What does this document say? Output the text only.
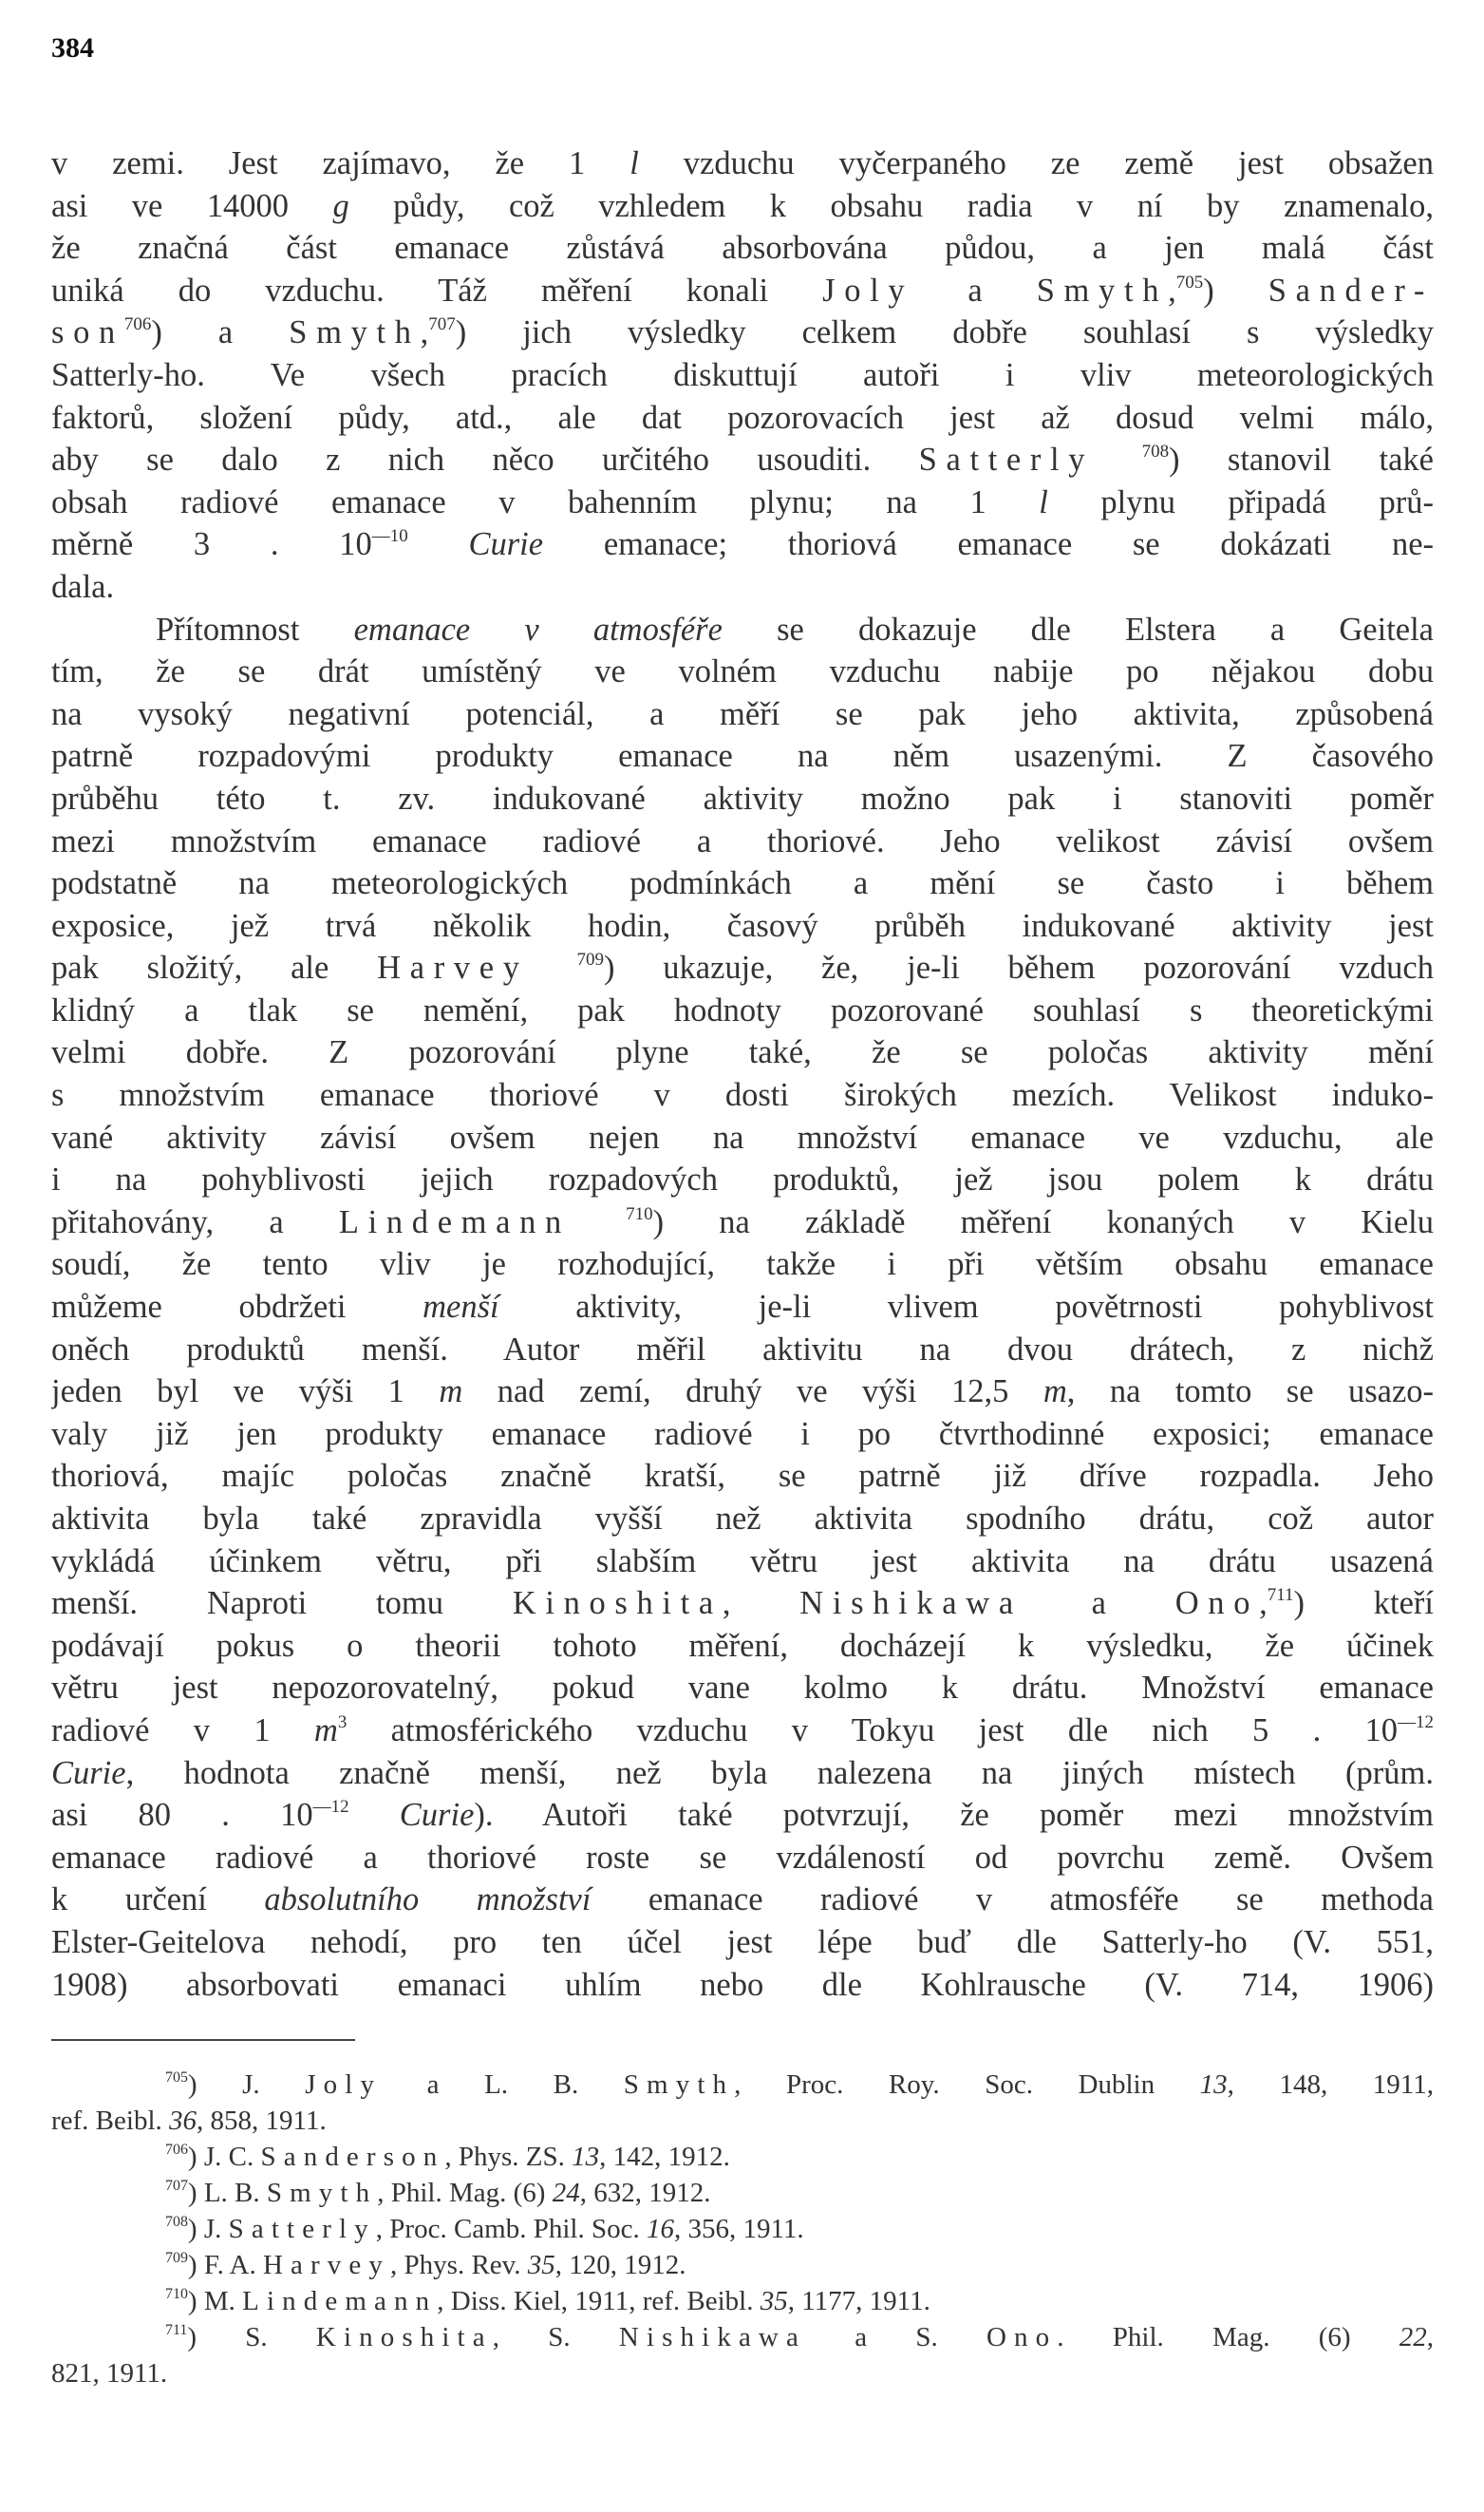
384
v zemi. Jest zajímavo, že 1 l vzduchu vyčerpaného ze země jest obsažen
asi ve 14000 g půdy, což vzhledem k obsahu radia v ní by znamenalo,
že značná část emanace zůstává absorbována půdou, a jen malá část
uniká do vzduchu. Táž měření konali Joly a Smyth,$^{705}$) Sander-
son$^{706}$) a Smyth,$^{707}$) jich výsledky celkem dobře souhlasí s výsledky
Satterly-ho. Ve všech pracích diskuttují autoři i vliv meteorologických
faktorů, složení půdy, atd., ale dat pozorovacích jest až dosud velmi málo,
aby se dalo z nich něco určitého usouditi. Satterly	$^{708}$) stanovil také
obsah radiové emanace v bahenním plynu; na 1 l plynu připadá prů-
měrně 3 . $10^{—10}$ Curie emanace; thoriová emanace se dokázati ne-
dala.
Přítomnost emanace v atmosféře se dokazuje dle Elstera a Geitela
tím, že se drát umístěný ve volném vzduchu nabije po nějakou dobu
na vysoký negativní potenciál, a měří se pak jeho aktivita, způsobená
patrně rozpadovými produkty emanace na něm usazenými. Z časového
průběhu této t. zv. indukované aktivity možno pak i stanoviti poměr
mezi množstvím emanace radiové a thoriové. Jeho velikost závisí ovšem
podstatně na meteorologických podmínkách a mění se často i během
exposice, jež trvá několik hodin, časový průběh indukované aktivity jest
pak složitý, ale Harvey	$^{709}$) ukazuje, že, je-li během pozorování vzduch
klidný a tlak se nemění, pak hodnoty pozorované souhlasí s theoretickými
velmi dobře. Z pozorování plyne také, že se poločas aktivity mění
s množstvím emanace thoriové v dosti širokých mezích. Velikost induko-
vané aktivity závisí ovšem nejen na množství emanace ve vzduchu, ale
i na pohyblivosti jejich rozpadových produktů, jež jsou polem k drátu
přitahovány, a Lindemann	$^{710}$) na základě měření konaných v Kielu
soudí, že tento vliv je rozhodující, takže i při větším obsahu emanace
můžeme obdržeti menší aktivity, je-li vlivem povětrnosti pohyblivost
oněch produktů menší. Autor měřil aktivitu na dvou drátech, z nichž
jeden byl ve výši 1 m nad zemí, druhý ve výši 12,5 m, na tomto se usazo-
valy již jen produkty emanace radiové i po čtvrthodinné exposici; emanace
thoriová, majíc poločas značně kratší, se patrně již dříve rozpadla. Jeho
aktivita byla také zpravidla vyšší než aktivita spodního drátu, což autor
vykládá účinkem větru, při slabším větru jest aktivita na drátu usazená
menší. Naproti tomu Kinoshita, Nishikawa a Ono,$^{711}$) kteří
podávají pokus o theorii tohoto měření, docházejí k výsledku, že účinek
větru jest nepozorovatelný, pokud vane kolmo k drátu. Množství emanace
radiové v 1 $m^3$ atmosférického vzduchu v Tokyu jest dle nich 5 . $10^{—12}$
Curie, hodnota značně menší, než byla nalezena na jiných místech (prům.
asi 80 . $10^{—12}$ Curie). Autoři také potvrzují, že poměr mezi množstvím
emanace radiové a thoriové roste se vzdáleností od povrchu země. Ovšem
k určení absolutního množství emanace radiové v atmosféře se methoda
Elster-Geitelova nehodí, pro ten účel jest lépe buď dle Satterly-ho (V. 551,
1908) absorbovati emanaci uhlím nebo dle Kohlrausche (V. 714, 1906)
$^{705}$) J. Joly a L. B. Smyth, Proc. Roy. Soc. Dublin 13, 148, 1911,
ref. Beibl. 36, 858, 1911.
$^{706}$) J. C. Sanderson, Phys. ZS. 13, 142, 1912.
$^{707}$) L. B. Smyth, Phil. Mag. (6) 24, 632, 1912.
$^{708}$) J. Satterly, Proc. Camb. Phil. Soc. 16, 356, 1911.
$^{709}$) F. A. Harvey, Phys. Rev. 35, 120, 1912.
$^{710}$) M. Lindemann, Diss. Kiel, 1911, ref. Beibl. 35, 1177, 1911.
$^{711}$) S. Kinoshita, S. Nishikawa a S. Ono. Phil. Mag. (6) 22,
821, 1911.
